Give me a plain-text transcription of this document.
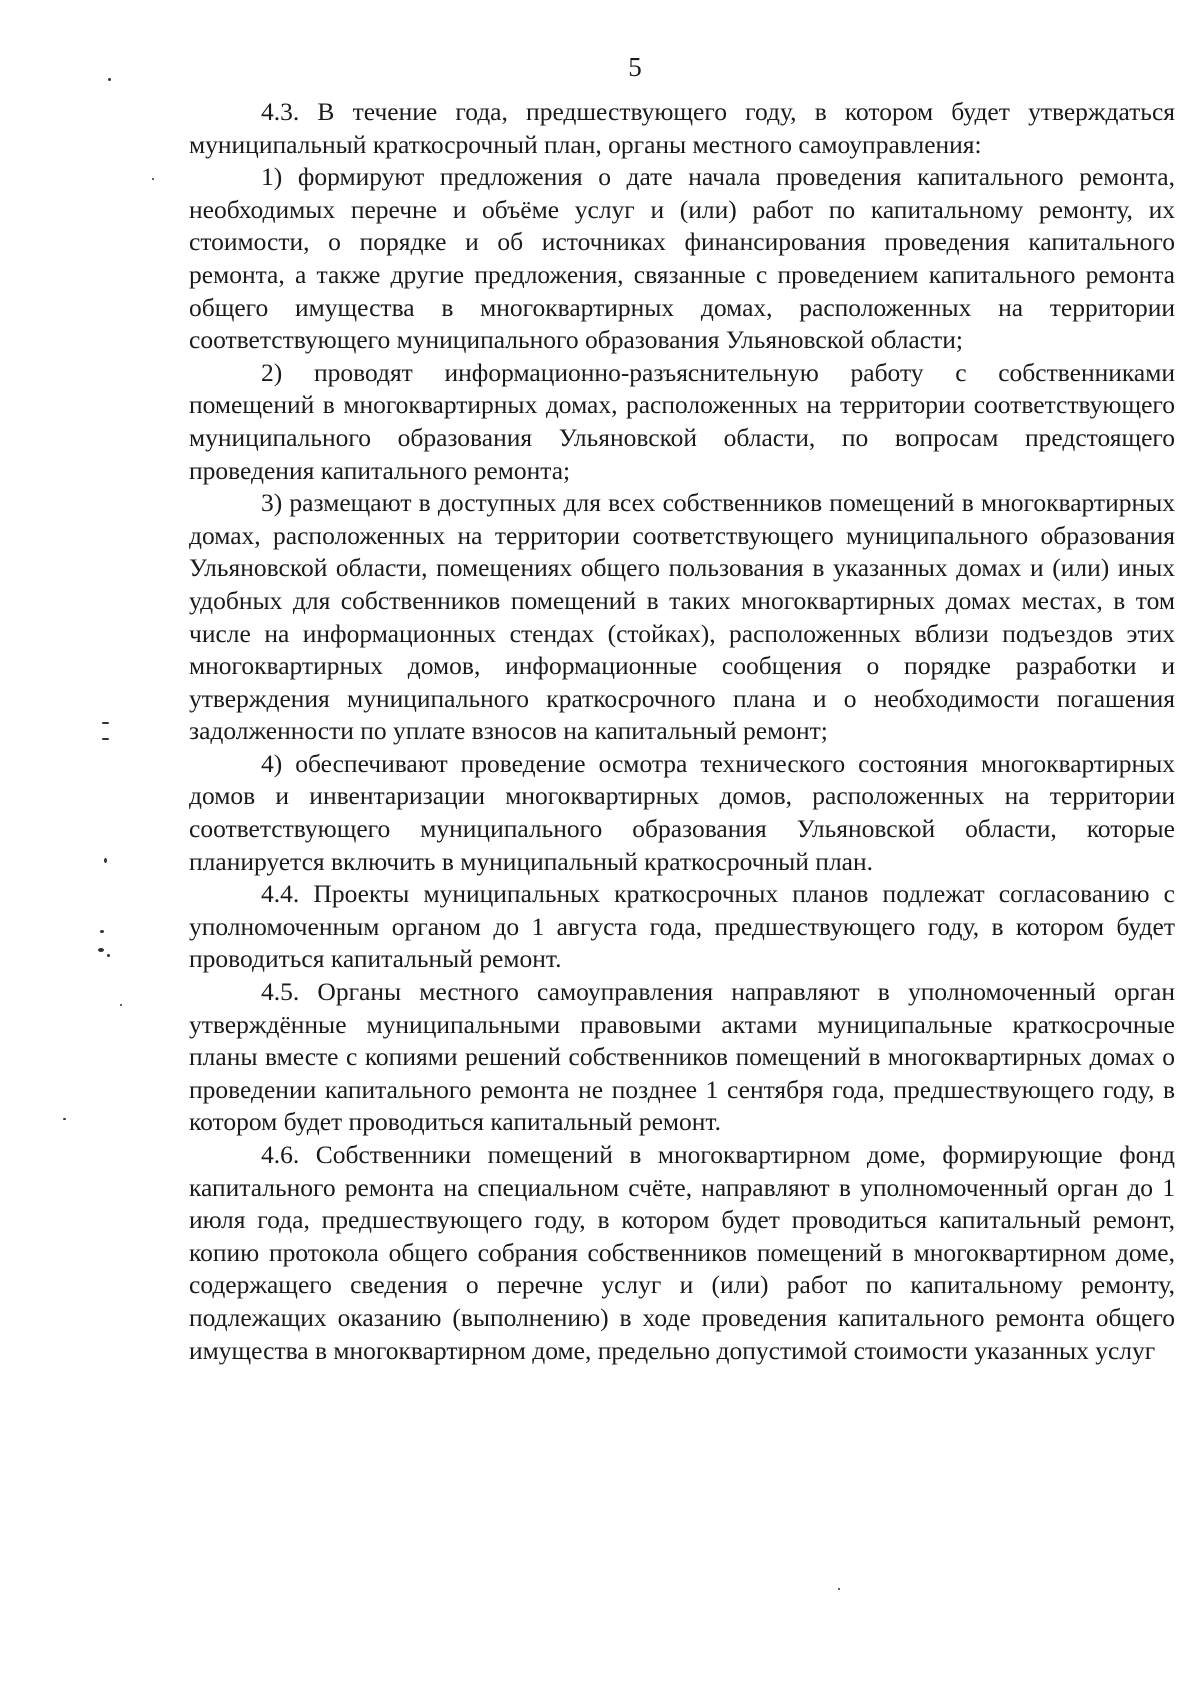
5

4.3. В течение года, предшествующего году, в котором будет утверждаться муниципальный краткосрочный план, органы местного самоуправления:

1) формируют предложения о дате начала проведения капитального ремонта, необходимых перечне и объёме услуг и (или) работ по капитальному ремонту, их стоимости, о порядке и об источниках финансирования проведения капитального ремонта, а также другие предложения, связанные с проведением капитального ремонта общего имущества в многоквартирных домах, расположенных на территории соответствующего муниципального образования Ульяновской области;

2) проводят информационно-разъяснительную работу с собственниками помещений в многоквартирных домах, расположенных на территории соответствующего муниципального образования Ульяновской области, по вопросам предстоящего проведения капитального ремонта;

3) размещают в доступных для всех собственников помещений в многоквартирных домах, расположенных на территории соответствующего муниципального образования Ульяновской области, помещениях общего пользования в указанных домах и (или) иных удобных для собственников помещений в таких многоквартирных домах местах, в том числе на информационных стендах (стойках), расположенных вблизи подъездов этих многоквартирных домов, информационные сообщения о порядке разработки и утверждения муниципального краткосрочного плана и о необходимости погашения задолженности по уплате взносов на капитальный ремонт;

4) обеспечивают проведение осмотра технического состояния многоквартирных домов и инвентаризации многоквартирных домов, расположенных на территории соответствующего муниципального образования Ульяновской области, которые планируется включить в муниципальный краткосрочный план.

4.4. Проекты муниципальных краткосрочных планов подлежат согласованию с уполномоченным органом до 1 августа года, предшествующего году, в котором будет проводиться капитальный ремонт.

4.5. Органы местного самоуправления направляют в уполномоченный орган утверждённые муниципальными правовыми актами муниципальные краткосрочные планы вместе с копиями решений собственников помещений в многоквартирных домах о проведении капитального ремонта не позднее 1 сентября года, предшествующего году, в котором будет проводиться капитальный ремонт.

4.6. Собственники помещений в многоквартирном доме, формирующие фонд капитального ремонта на специальном счёте, направляют в уполномоченный орган до 1 июля года, предшествующего году, в котором будет проводиться капитальный ремонт, копию протокола общего собрания собственников помещений в многоквартирном доме, содержащего сведения о перечне услуг и (или) работ по капитальному ремонту, подлежащих оказанию (выполнению) в ходе проведения капитального ремонта общего имущества в многоквартирном доме, предельно допустимой стоимости указанных услуг
